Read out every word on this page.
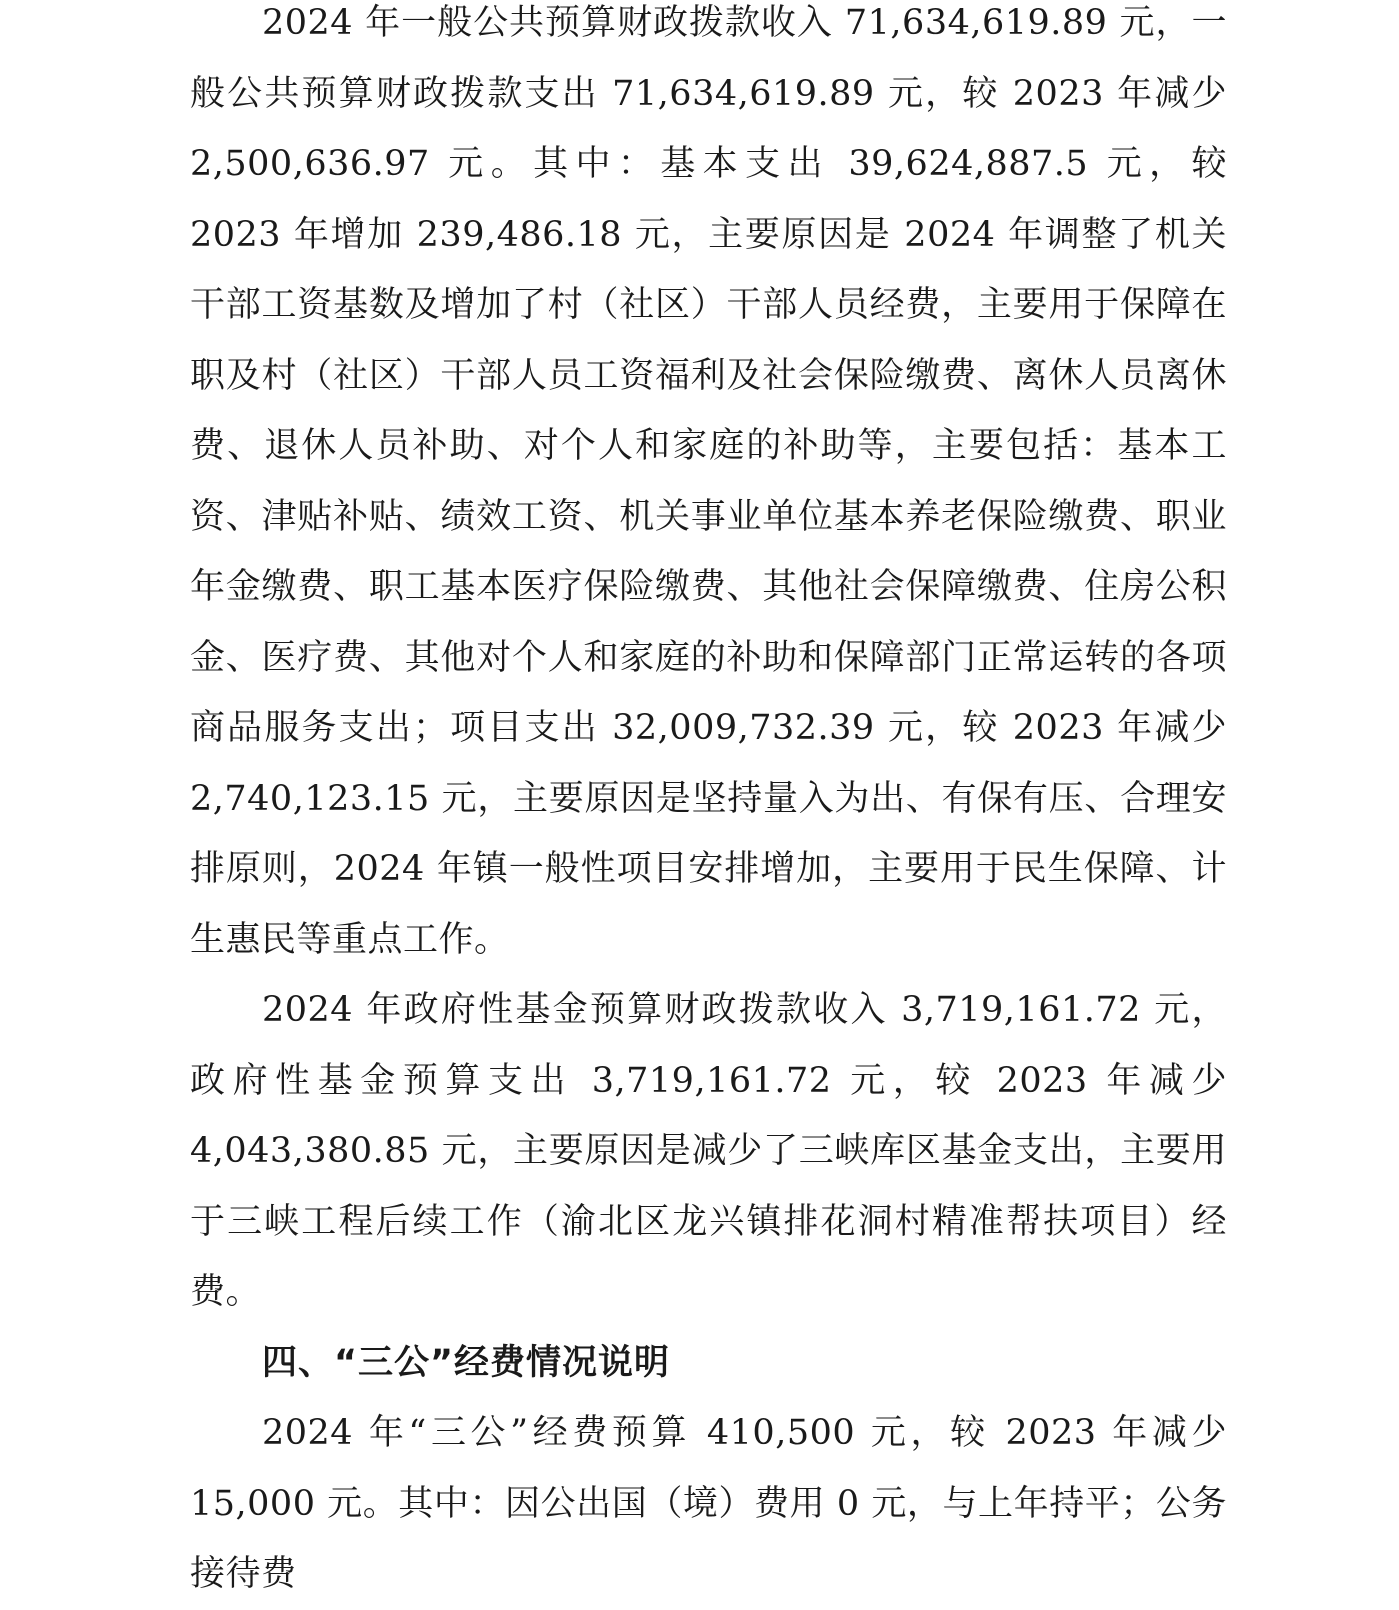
2024 年一般公共预算财政拨款收入 71,634,619.89 元，一般公共预算财政拨款支出 71,634,619.89 元，较 2023 年减少 2,500,636.97 元。其中：基本支出 39,624,887.5 元，较 2023 年增加 239,486.18 元，主要原因是 2024 年调整了机关干部工资基数及增加了村（社区）干部人员经费，主要用于保障在职及村（社区）干部人员工资福利及社会保险缴费、离休人员离休费、退休人员补助、对个人和家庭的补助等，主要包括：基本工资、津贴补贴、绩效工资、机关事业单位基本养老保险缴费、职业年金缴费、职工基本医疗保险缴费、其他社会保障缴费、住房公积金、医疗费、其他对个人和家庭的补助和保障部门正常运转的各项商品服务支出；项目支出 32,009,732.39 元，较 2023 年减少 2,740,123.15 元，主要原因是坚持量入为出、有保有压、合理安排原则，2024 年镇一般性项目安排增加，主要用于民生保障、计生惠民等重点工作。

2024 年政府性基金预算财政拨款收入 3,719,161.72 元，政府性基金预算支出 3,719,161.72 元，较 2023 年减少 4,043,380.85 元，主要原因是减少了三峡库区基金支出，主要用于三峡工程后续工作（渝北区龙兴镇排花洞村精准帮扶项目）经费。

四、“三公”经费情况说明

2024 年“三公”经费预算 410,500 元，较 2023 年减少 15,000 元。其中：因公出国（境）费用 0 元，与上年持平；公务接待费
